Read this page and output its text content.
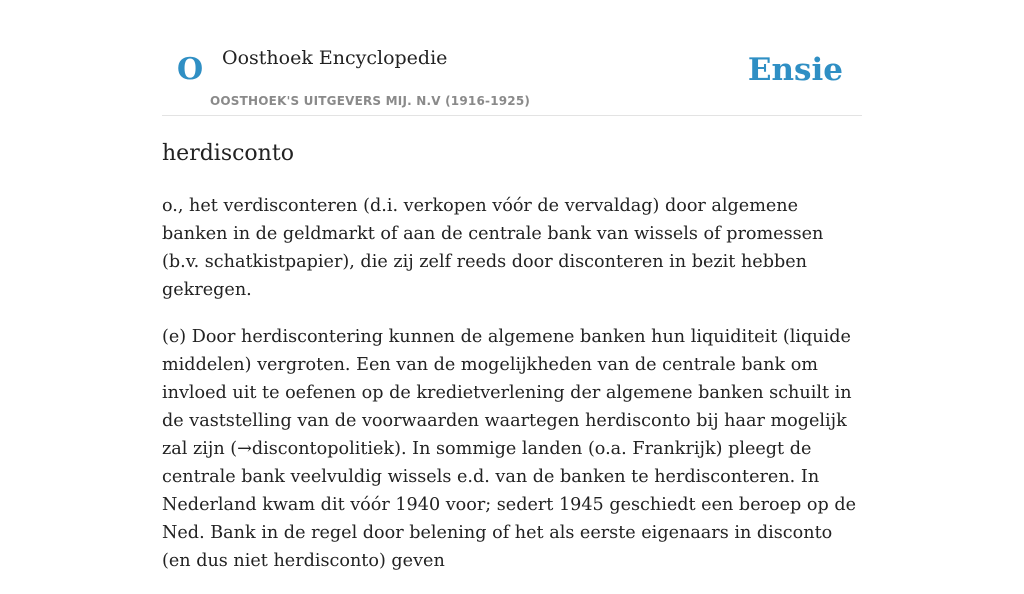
O Oosthoek Encyclopedie
OOSTHOEK'S UITGEVERS MIJ. N.V (1916-1925)
Ensie
herdisconto

o., het verdisconteren (d.i. verkopen vóór de vervaldag) door algemene banken in de geldmarkt of aan de centrale bank van wissels of promessen (b.v. schatkistpapier), die zij zelf reeds door disconteren in bezit hebben gekregen.

(e) Door herdiscontering kunnen de algemene banken hun liquiditeit (liquide middelen) vergroten. Een van de mogelijkheden van de centrale bank om invloed uit te oefenen op de kredietverlening der algemene banken schuilt in de vaststelling van de voorwaarden waartegen herdisconto bij haar mogelijk zal zijn (→discontopolitiek). In sommige landen (o.a. Frankrijk) pleegt de centrale bank veelvuldig wissels e.d. van de banken te herdisconteren. In Nederland kwam dit vóór 1940 voor; sedert 1945 geschiedt een beroep op de Ned. Bank in de regel door belening of het als eerste eigenaars in disconto (en dus niet herdisconto) geven
